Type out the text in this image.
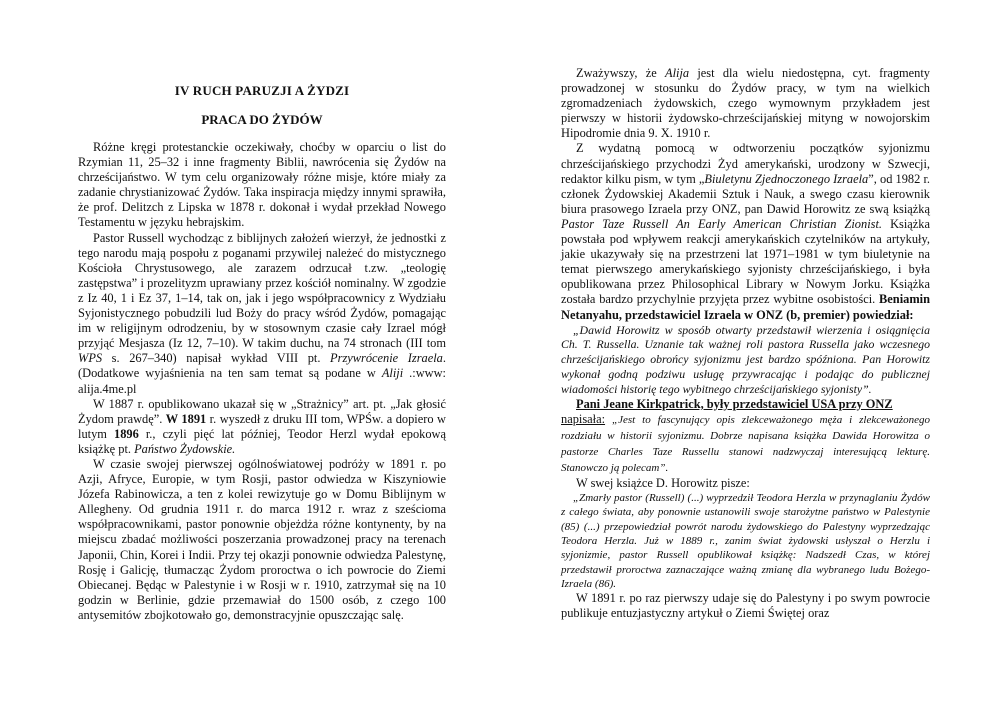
IV RUCH PARUZJI A ŻYDZI
PRACA DO ŻYDÓW

Różne kręgi protestanckie oczekiwały, choćby w oparciu o list do Rzymian 11, 25–32 i inne fragmenty Biblii, nawrócenia się Żydów na chrześcijaństwo. W tym celu organizowały różne misje, które miały za zadanie chrystianizować Żydów. Taka inspiracja między innymi sprawiła, że prof. Delitzch z Lipska w 1878 r. dokonał i wydał przekład Nowego Testamentu w języku hebrajskim.

Pastor Russell wychodząc z biblijnych założeń wierzył, że jednostki z tego narodu mają pospołu z poganami przywilej należeć do mistycznego Kościoła Chrystusowego, ale zarazem odrzucał t.zw. „teologię zastępstwa” i prozelityzm uprawiany przez kościół nominalny. W zgodzie z Iz 40, 1 i Ez 37, 1–14, tak on, jak i jego współpracownicy z Wydziału Syjonistycznego pobudzili lud Boży do pracy wśród Żydów, pomagając im w religijnym odrodzeniu, by w stosownym czasie cały Izrael mógł przyjąć Mesjasza (Iz 12, 7–10). W takim duchu, na 74 stronach (III tom WPS s. 267–340) napisał wykład VIII pt. Przywrócenie Izraela. (Dodatkowe wyjaśnienia na ten sam temat są podane w Aliji .:www: alija.4me.pl

W 1887 r. opublikowano ukazał się w „Strażnicy” art. pt. „Jak głosić Żydom prawdę”. W 1891 r. wyszedł z druku III tom, WPŚw. a dopiero w lutym 1896 r., czyli pięć lat później, Teodor Herzl wydał epokową książkę pt. Państwo Żydowskie.

W czasie swojej pierwszej ogólnoświatowej podróży w 1891 r. po Azji, Afryce, Europie, w tym Rosji, pastor odwiedza w Kiszyniowie Józefa Rabinowicza, a ten z kolei rewizytuje go w Domu Biblijnym w Allegheny. Od grudnia 1911 r. do marca 1912 r. wraz z sześcioma współpracownikami, pastor ponownie objeżdża różne kontynenty, by na miejscu zbadać możliwości poszerzania prowadzonej pracy na terenach Japonii, Chin, Korei i Indii. Przy tej okazji ponownie odwiedza Palestynę, Rosję i Galicję, tłumacząc Żydom proroctwa o ich powrocie do Ziemi Obiecanej. Będąc w Palestynie i w Rosji w r. 1910, zatrzymał się na 10 godzin w Berlinie, gdzie przemawiał do 1500 osób, z czego 100 antysemitów zbojkotowało go, demonstracyjnie opuszczając salę.

Zważywszy, że Alija jest dla wielu niedostępna, cyt. fragmenty prowadzonej w stosunku do Żydów pracy, w tym na wielkich zgromadzeniach żydowskich, czego wymownym przykładem jest pierwszy w historii żydowsko-chrześcijańskiej mityng w nowojorskim Hipodromie dnia 9. X. 1910 r.

Z wydatną pomocą w odtworzeniu początków syjonizmu chrześcijańskiego przychodzi Żyd amerykański, urodzony w Szwecji, redaktor kilku pism, w tym „Biuletynu Zjednoczonego Izraela”, od 1982 r. członek Żydowskiej Akademii Sztuk i Nauk, a swego czasu kierownik biura prasowego Izraela przy ONZ, pan Dawid Horowitz ze swą książką Pastor Taze Russell An Early American Christian Zionist. Książka powstała pod wpływem reakcji amerykańskich czytelników na artykuły, jakie ukazywały się na przestrzeni lat 1971–1981 w tym biuletynie na temat pierwszego amerykańskiego syjonisty chrześcijańskiego, i była opublikowana przez Philosophical Library w Nowym Jorku. Książka została bardzo przychylnie przyjęta przez wybitne osobistości. Beniamin Netanyahu, przedstawiciel Izraela w ONZ (b, premier) powiedział:

„Dawid Horowitz w sposób otwarty przedstawił wierzenia i osiągnięcia Ch. T. Russella. Uznanie tak ważnej roli pastora Russella jako wczesnego chrześcijańskiego obrońcy syjonizmu jest bardzo spóźniona. Pan Horowitz wykonał godną podziwu usługę przywracając i podając do publicznej wiadomości historię tego wybitnego chrześcijańskiego syjonisty”.

Pani Jeane Kirkpatrick, były przedstawiciel USA przy ONZ
napisała: „Jest to fascynujący opis zlekceważonego męża i zlekceważonego rozdziału w historii syjonizmu. Dobrze napisana książka Dawida Horowitza o pastorze Charles Taze Russellu stanowi nadzwyczaj interesującą lekturę. Stanowczo ją polecam”.

W swej książce D. Horowitz pisze:

„Zmarły pastor (Russell) (...) wyprzedził Teodora Herzla w przynaglaniu Żydów z całego świata, aby ponownie ustanowili swoje starożytne państwo w Palestynie (85) (...) przepowiedział powrót narodu żydowskiego do Palestyny wyprzedzając Teodora Herzla. Już w 1889 r., zanim świat żydowski usłyszał o Herzlu i syjonizmie, pastor Russell opublikował książkę: Nadszedł Czas, w której przedstawił proroctwa zaznaczające ważną zmianę dla wybranego ludu Bożego- Izraela (86).

W 1891 r. po raz pierwszy udaje się do Palestyny i po swym powrocie publikuje entuzjastyczny artykuł o Ziemi Świętej oraz
